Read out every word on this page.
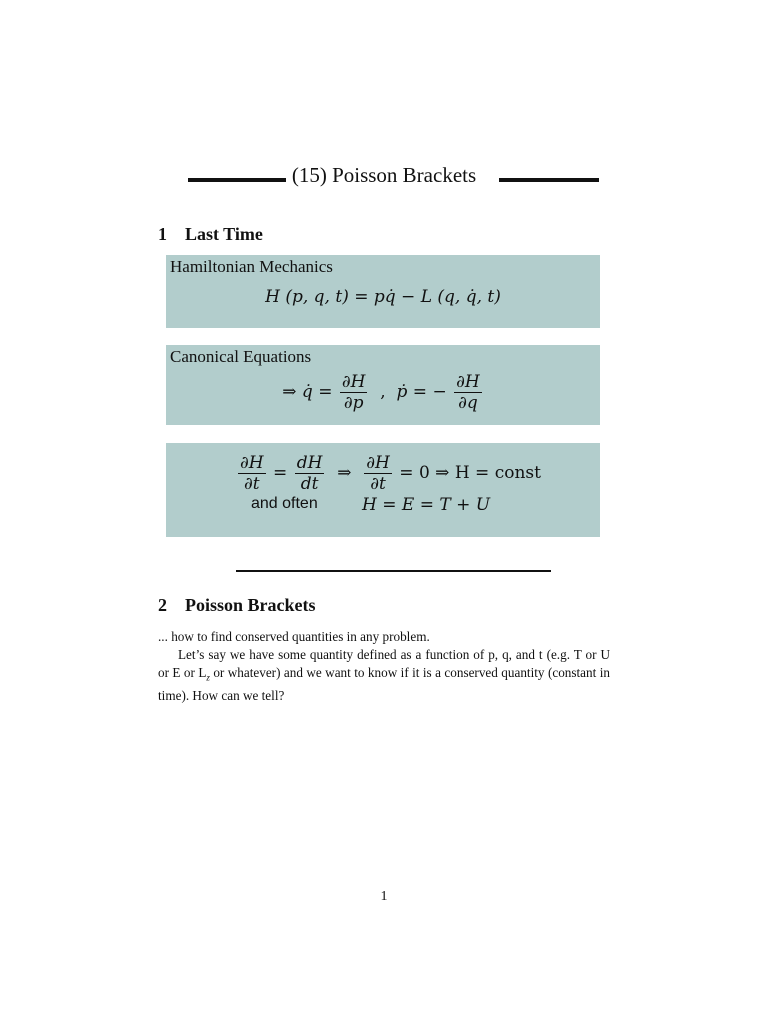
(15) Poisson Brackets
1 Last Time
Hamiltonian Mechanics
H (p, q, t) = pq̇ − L (q, q̇, t)
Canonical Equations
⇒ q̇ = $\frac{\partial H}{\partial p}$ , ṗ = − $\frac{\partial H}{\partial q}$
$\frac{\partial H}{\partial t} = \frac{dH}{dt}$ ⇒ $\frac{\partial H}{\partial t} = 0$ ⇒ H = const
and often	H = E = T + U
2 Poisson Brackets
... how to find conserved quantities in any problem.
Let’s say we have some quantity defined as a function of p, q, and t (e.g. T or U or E or $L_z$ or whatever) and we want to know if it is a conserved quantity (constant in time). How can we tell?
1
